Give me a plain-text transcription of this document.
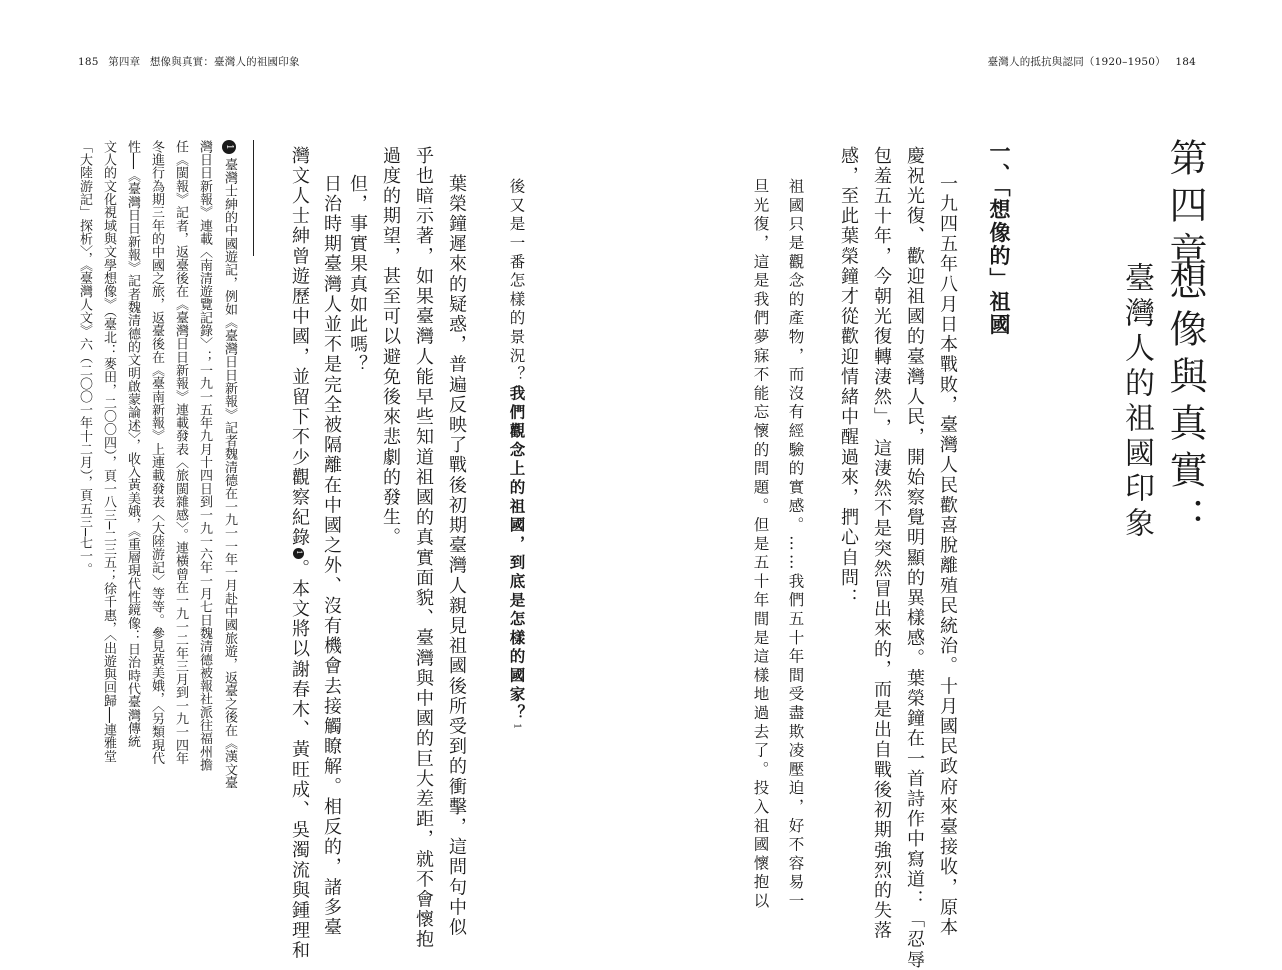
185 第四章 想像與真實：臺灣人的祖國印象	臺灣人的抵抗與認同（1920–1950） 184
第四章
想像與真實：
臺灣人的祖國印象
一、「想像的」祖國
一九四五年八月日本戰敗，臺灣人民歡喜脫離殖民統治。十月國民政府來臺接收，原本
慶祝光復、歡迎祖國的臺灣人民，開始察覺明顯的異樣感。葉榮鐘在一首詩作中寫道：「忍辱
包羞五十年，今朝光復轉淒然」，這淒然不是突然冒出來的，而是出自戰後初期強烈的失落
感，至此葉榮鐘才從歡迎情緒中醒過來，捫心自問：
祖國只是觀念的產物，而沒有經驗的實感。……我們五十年間受盡欺凌壓迫，好不容易一
旦光復，這是我們夢寐不能忘懷的問題。但是五十年間是這樣地過去了。投入祖國懷抱以
後又是一番怎樣的景況？我們觀念上的祖國，到底是怎樣的國家？1
葉榮鐘遲來的疑惑，普遍反映了戰後初期臺灣人親見祖國後所受到的衝擊，這問句中似
乎也暗示著，如果臺灣人能早些知道祖國的真實面貌、臺灣與中國的巨大差距，就不會懷抱
過度的期望，甚至可以避免後來悲劇的發生。
但，事實果真如此嗎？
日治時期臺灣人並不是完全被隔離在中國之外、沒有機會去接觸瞭解。相反的，諸多臺
灣文人士紳曾遊歷中國，並留下不少觀察紀錄1。本文將以謝春木、黃旺成、吳濁流與鍾理和
1臺灣士紳的中國遊記，例如《臺灣日日新報》記者魏清德在一九一一年一月赴中國旅遊，返臺之後在《漢文臺
灣日日新報》連載〈南清遊覽記錄〉；一九一五年九月十四日到一九一六年一月七日魏清德被報社派往福州擔
任《閩報》記者，返臺後在《臺灣日日新報》連載發表〈旅閩雜感〉。連橫曾在一九一二年三月到一九一四年
冬進行為期三年的中國之旅，返臺後在《臺南新報》上連載發表〈大陸游記〉等等。參見黃美娥，〈另類現代
性──《臺灣日日新報》記者魏清德的文明啟蒙論述〉，收入黃美娥，《重層現代性鏡像：日治時代臺灣傳統
文人的文化視域與文學想像》（臺北：麥田，二〇〇四），頁一八三─二三五；徐千惠，〈出遊與回歸──連雅堂
「大陸游記」探析〉，《臺灣人文》六（二〇〇一年十二月），頁五三─七一。
